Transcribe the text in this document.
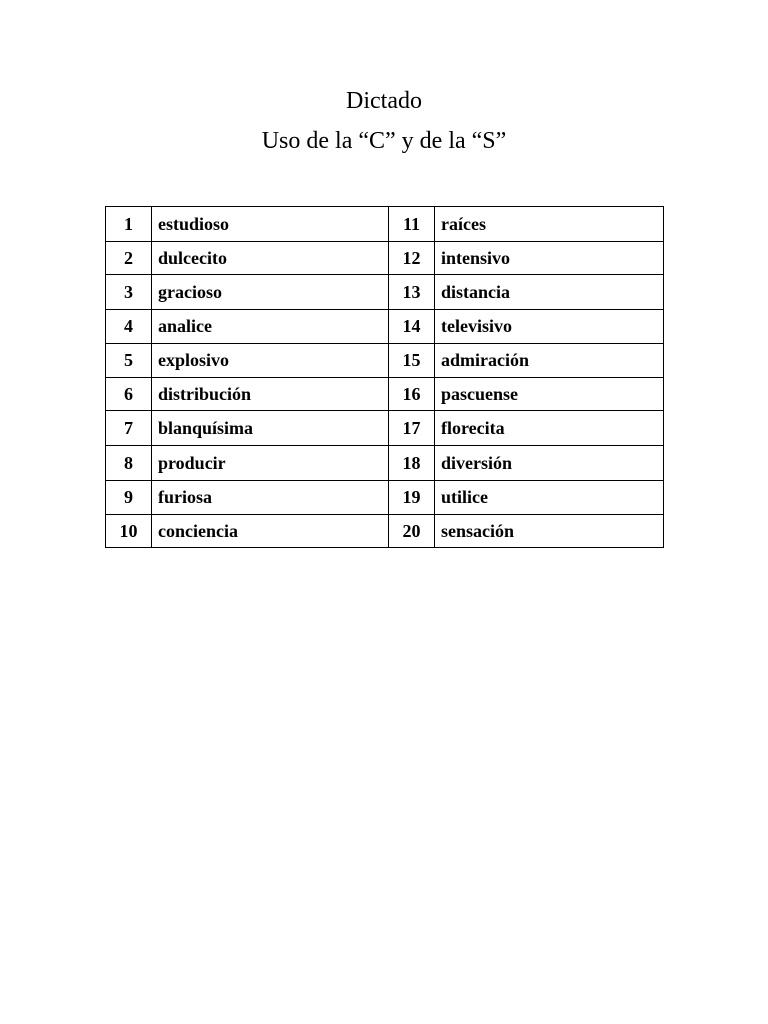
Dictado
Uso de la “C” y de la “S”
1	estudioso	11	raíces
2	dulcecito	12	intensivo
3	gracioso	13	distancia
4	analice	14	televisivo
5	explosivo	15	admiración
6	distribución	16	pascuense
7	blanquísima	17	florecita
8	producir	18	diversión
9	furiosa	19	utilice
10	conciencia	20	sensación
